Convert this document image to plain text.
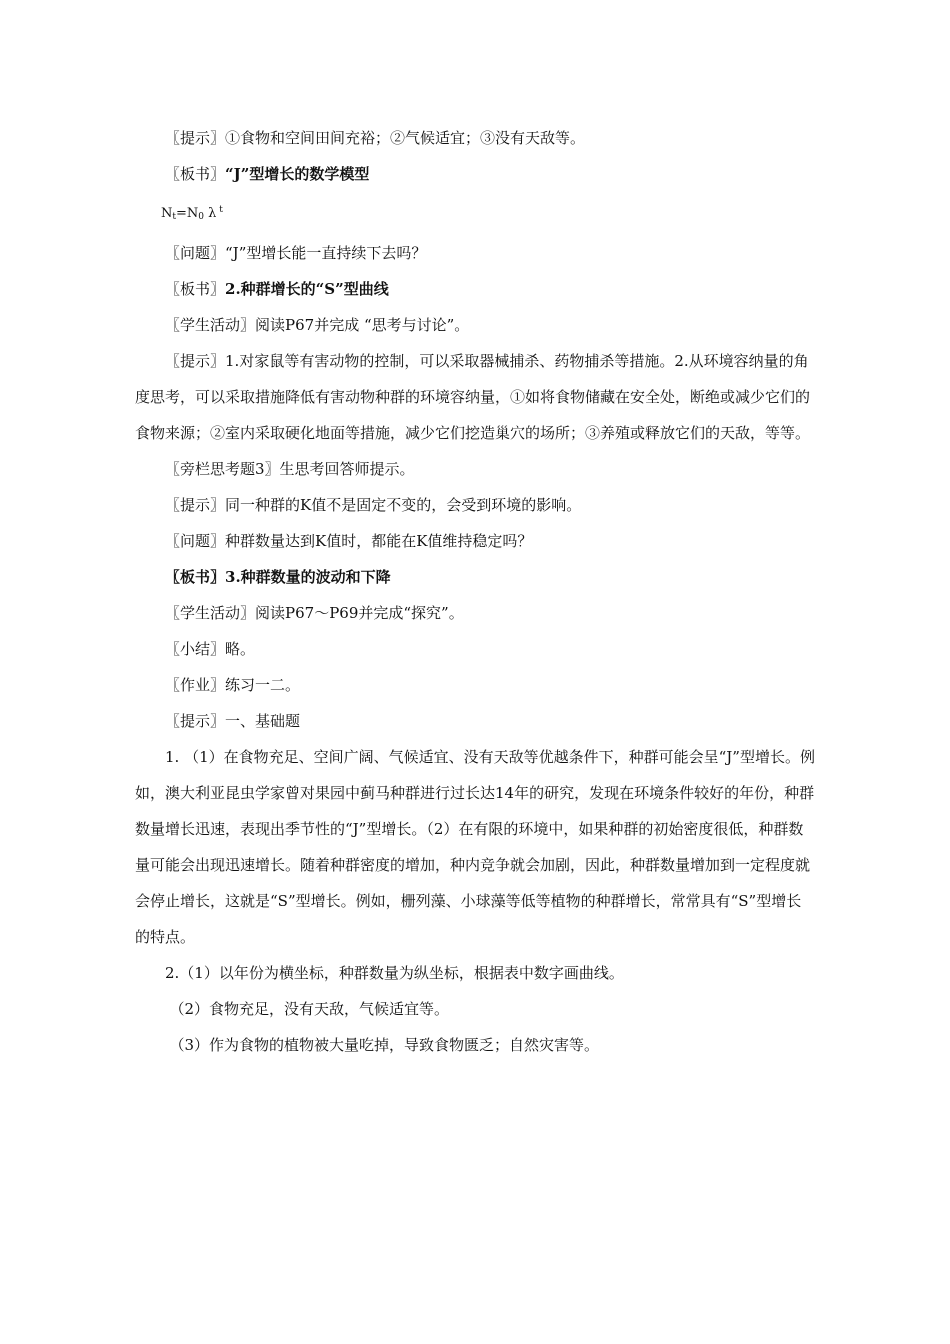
〖提示〗①食物和空间田间充裕；②气候适宜；③没有天敌等。

〖板书〗“J”型增长的数学模型

$N_t=N_0$ λ $^t$

〖问题〗“J”型增长能一直持续下去吗？

〖板书〗2.种群增长的“S”型曲线

〖学生活动〗阅读P67并完成 “思考与讨论”。

〖提示〗1.对家鼠等有害动物的控制，可以采取器械捕杀、药物捕杀等措施。2.从环境容纳量的角度思考，可以采取措施降低有害动物种群的环境容纳量，①如将食物储藏在安全处，断绝或减少它们的食物来源；②室内采取硬化地面等措施，减少它们挖造巢穴的场所；③养殖或释放它们的天敌，等等。

〖旁栏思考题3〗生思考回答师提示。

〖提示〗同一种群的K值不是固定不变的，会受到环境的影响。

〖问题〗种群数量达到K值时，都能在K值维持稳定吗？

〖板书〗3.种群数量的波动和下降

〖学生活动〗阅读P67～P69并完成“探究”。

〖小结〗略。

〖作业〗练习一二。

〖提示〗一、基础题

1. （1）在食物充足、空间广阔、气候适宜、没有天敌等优越条件下，种群可能会呈“J”型增长。例如，澳大利亚昆虫学家曾对果园中蓟马种群进行过长达14年的研究，发现在环境条件较好的年份，种群数量增长迅速，表现出季节性的“J”型增长。（2）在有限的环境中，如果种群的初始密度很低，种群数量可能会出现迅速增长。随着种群密度的增加，种内竞争就会加剧，因此，种群数量增加到一定程度就会停止增长，这就是“S”型增长。例如，栅列藻、小球藻等低等植物的种群增长，常常具有“S”型增长的特点。

2.（1）以年份为横坐标，种群数量为纵坐标，根据表中数字画曲线。

（2）食物充足，没有天敌，气候适宜等。

（3）作为食物的植物被大量吃掉，导致食物匮乏；自然灾害等。
